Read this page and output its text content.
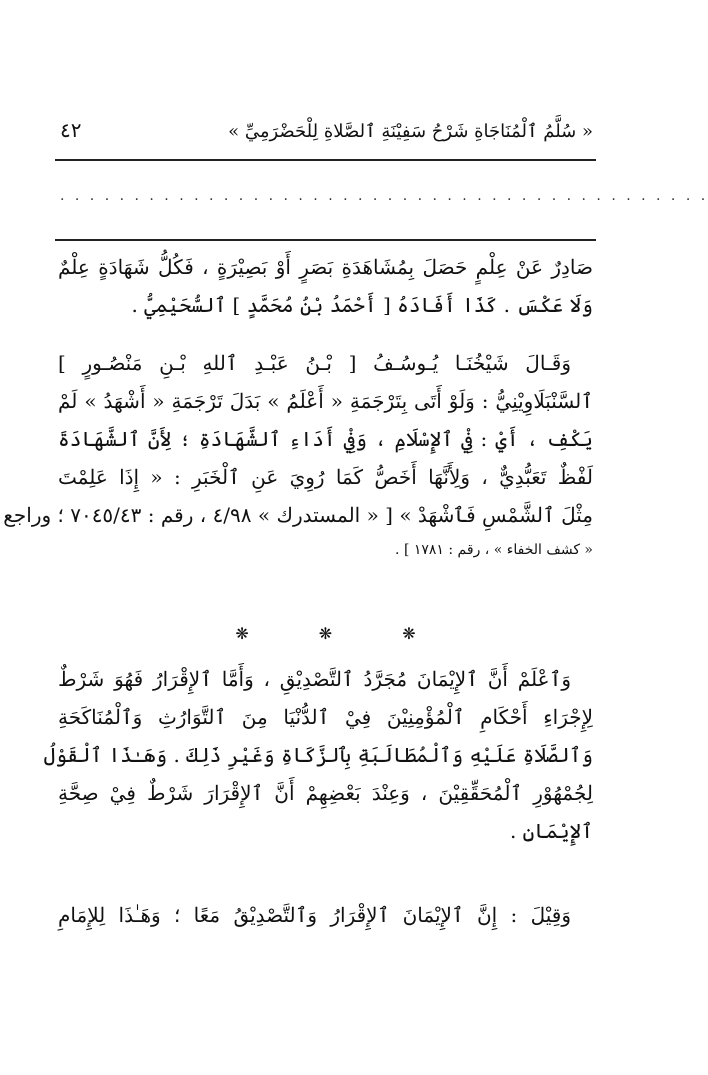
٤٢	« سُلَّمُ ٱلْمُنَاجَاةِ شَرْحُ سَفِيْنَةِ ٱلصَّلاةِ لِلْحَضْرَمِيِّ »
. . . . . . . . . . . . . . . . . . . . . . . . . . . . . . . . . . . . . . . . . . . .
صَادِرٌ عَنْ عِلْمٍ حَصَلَ بِمُشَاهَدَةِ بَصَرٍ أَوْ بَصِيْرَةٍ ، فَكُلُّ شَهَادَةٍ عِلْمٌ
وَلَا عَكْسَ . كَذَا أَفَادَهُ [ أَحْمَدُ بْنُ مُحَمَّدٍ ] ٱلسُّحَيْمِيُّ .
وَقَـالَ شَيْخُنَـا يُـوسُـفُ [ بْـنُ عَبْـدِ ٱللهِ بْـنِ مَنْصُـورٍ ]
ٱلسَّنْبَلَاوِيْنِيُّ : وَلَوْ أَتَى بِتَرْجَمَةِ « أَعْلَمُ » بَدَلَ تَرْجَمَةِ « أَشْهَدُ » لَمْ
يَكْفِ ، أَيْ : فِيْ ٱلإِسْلَامِ ، وَفِيْ أَدَاءِ ٱلشَّهَادَةِ ؛ لِأَنَّ ٱلشَّهَادَةَ
لَفْظٌ تَعَبُّدِيٌّ ، وَلِأَنَّهَا أَخَصُّ كَمَا رُوِيَ عَنِ ٱلْخَبَرِ : « إِذَا عَلِمْتَ
مِثْلَ ٱلشَّمْسِ فَٱشْهَدْ » [ « المستدرك » ٤/٩٨ ، رقم : ٧٠٤٥/٤٣ ؛ وراجع
« كشف الخفاء » ، رقم : ١٧٨١ ] .
❋	❋	❋
وَٱعْلَمْ أَنَّ ٱلإِيْمَانَ مُجَرَّدُ ٱلتَّصْدِيْقِ ، وَأَمَّا ٱلإِقْرَارُ فَهُوَ شَرْطٌ
لِإِجْرَاءِ أَحْكَامِ ٱلْمُؤْمِنِيْنَ فِيْ ٱلدُّنْيَا مِنَ ٱلتَّوَارُثِ وَٱلْمُنَاكَحَةِ
وَٱلصَّلَاةِ عَلَيْهِ وَٱلْمُطَالَبَةِ بِٱلزَّكَاةِ وَغَيْرِ ذَلِكَ . وَهَـٰذَا ٱلْقَوْلُ
لِجُمْهُوْرِ ٱلْمُحَقِّقِيْنَ ، وَعِنْدَ بَعْضِهِمْ أَنَّ ٱلإِقْرَارَ شَرْطٌ فِيْ صِحَّةِ
ٱلإِيْمَانِ .
وَقِيْلَ : إِنَّ ٱلإِيْمَانَ ٱلإِقْرَارُ وَٱلتَّصْدِيْقُ مَعًا ؛ وَهَـٰذَا لِلإِمَامِ
